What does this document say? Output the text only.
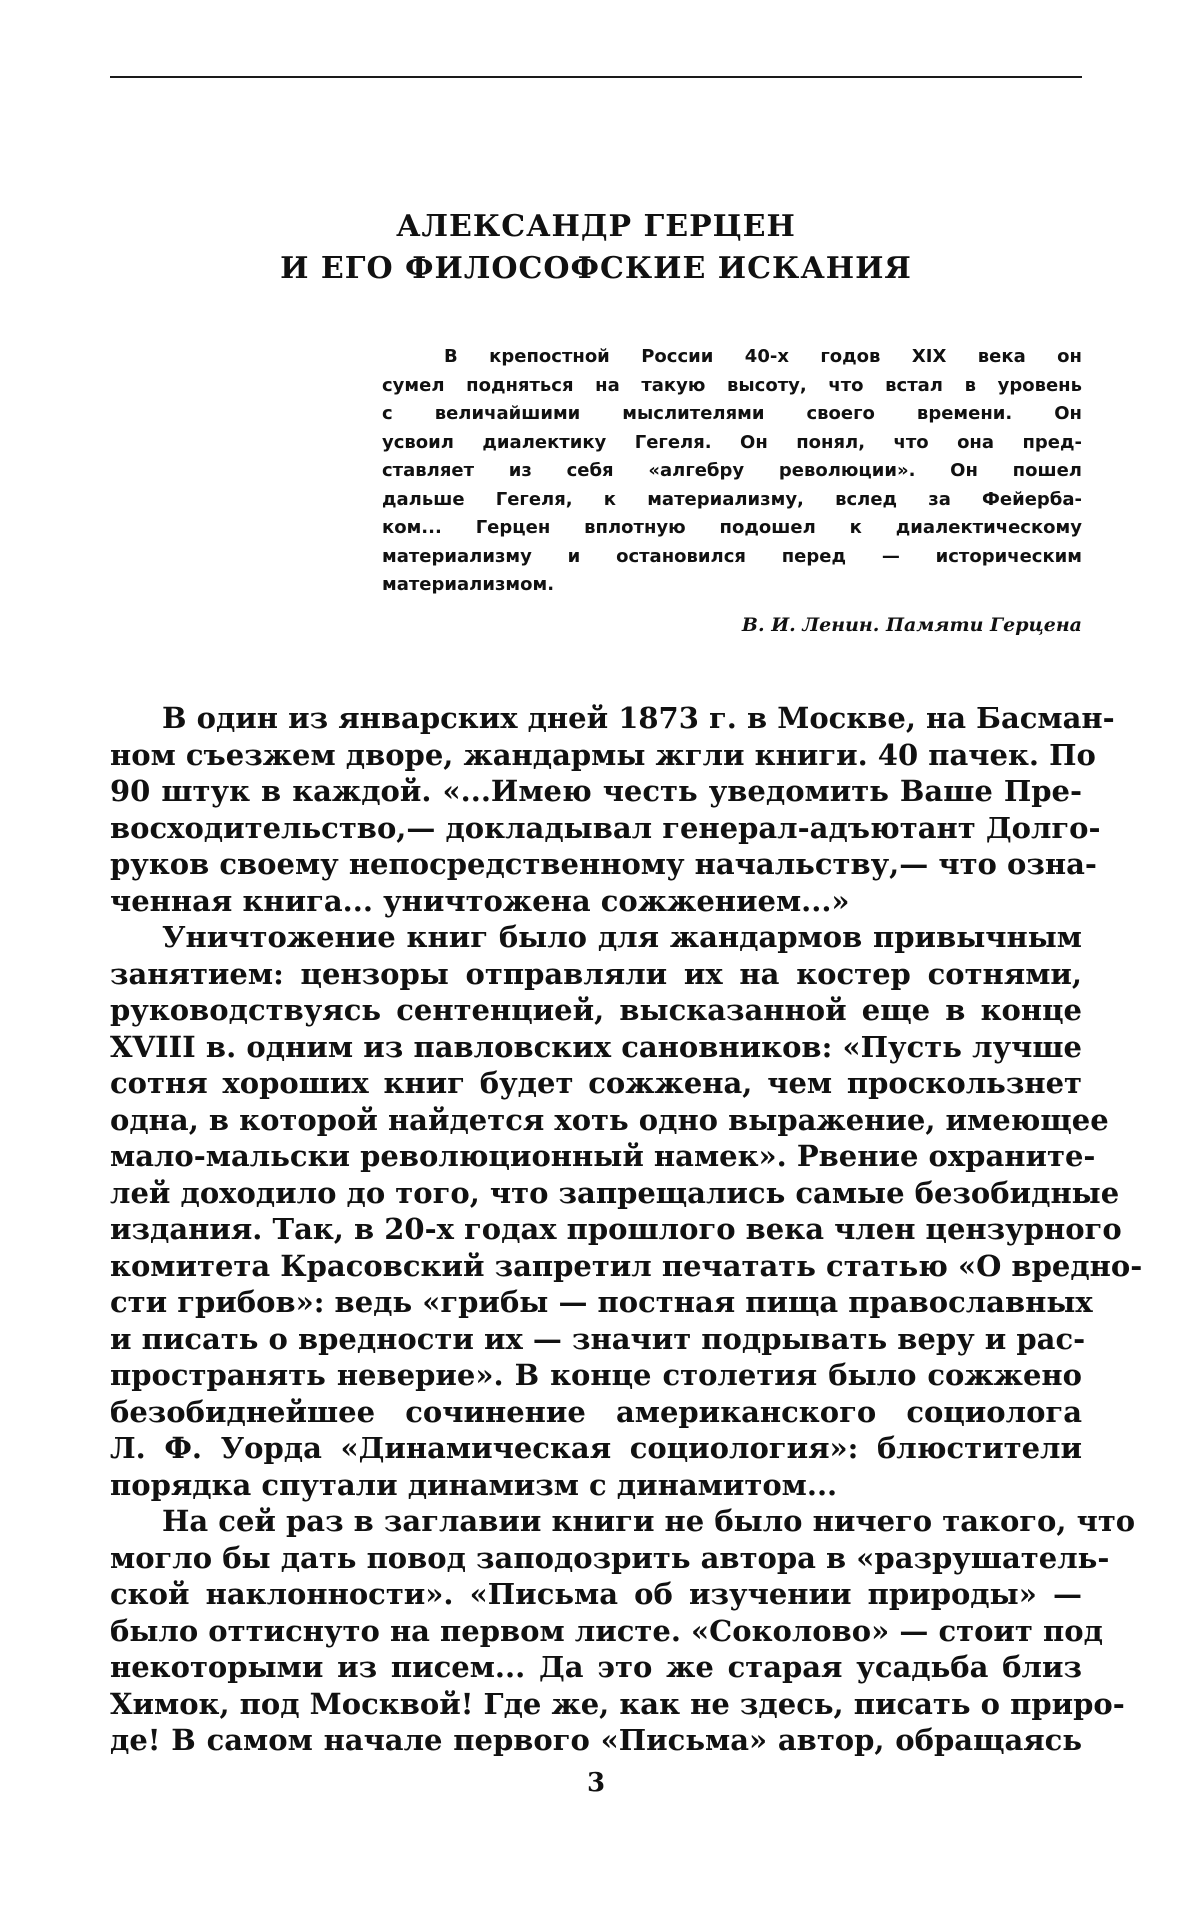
АЛЕКСАНДР ГЕРЦЕН
И ЕГО ФИЛОСОФСКИЕ ИСКАНИЯ
В крепостной России 40-х годов XIX века он
сумел подняться на такую высоту, что встал в уровень
с величайшими мыслителями своего времени. Он
усвоил диалектику Гегеля. Он понял, что она пред-
ставляет из себя «алгебру революции». Он пошел
дальше Гегеля, к материализму, вслед за Фейерба-
ком... Герцен вплотную подошел к диалектическому
материализму и остановился перед — историческим
материализмом.
В. И. Ленин. Памяти Герцена
В один из январских дней 1873 г. в Москве, на Басман-
ном съезжем дворе, жандармы жгли книги. 40 пачек. По
90 штук в каждой. «...Имею честь уведомить Ваше Пре-
восходительство,— докладывал генерал-адъютант Долго-
руков своему непосредственному начальству,— что озна-
ченная книга... уничтожена сожжением...»
Уничтожение книг было для жандармов привычным
занятием: цензоры отправляли их на костер сотнями,
руководствуясь сентенцией, высказанной еще в конце
XVIII в. одним из павловских сановников: «Пусть лучше
сотня хороших книг будет сожжена, чем проскользнет
одна, в которой найдется хоть одно выражение, имеющее
мало-мальски революционный намек». Рвение охраните-
лей доходило до того, что запрещались самые безобидные
издания. Так, в 20-х годах прошлого века член цензурного
комитета Красовский запретил печатать статью «О вредно-
сти грибов»: ведь «грибы — постная пища православных
и писать о вредности их — значит подрывать веру и рас-
пространять неверие». В конце столетия было сожжено
безобиднейшее сочинение американского социолога
Л. Ф. Уорда «Динамическая социология»: блюстители
порядка спутали динамизм с динамитом...
На сей раз в заглавии книги не было ничего такого, что
могло бы дать повод заподозрить автора в «разрушатель-
ской наклонности». «Письма об изучении природы» —
было оттиснуто на первом листе. «Соколово» — стоит под
некоторыми из писем... Да это же старая усадьба близ
Химок, под Москвой! Где же, как не здесь, писать о приро-
де! В самом начале первого «Письма» автор, обращаясь
3
